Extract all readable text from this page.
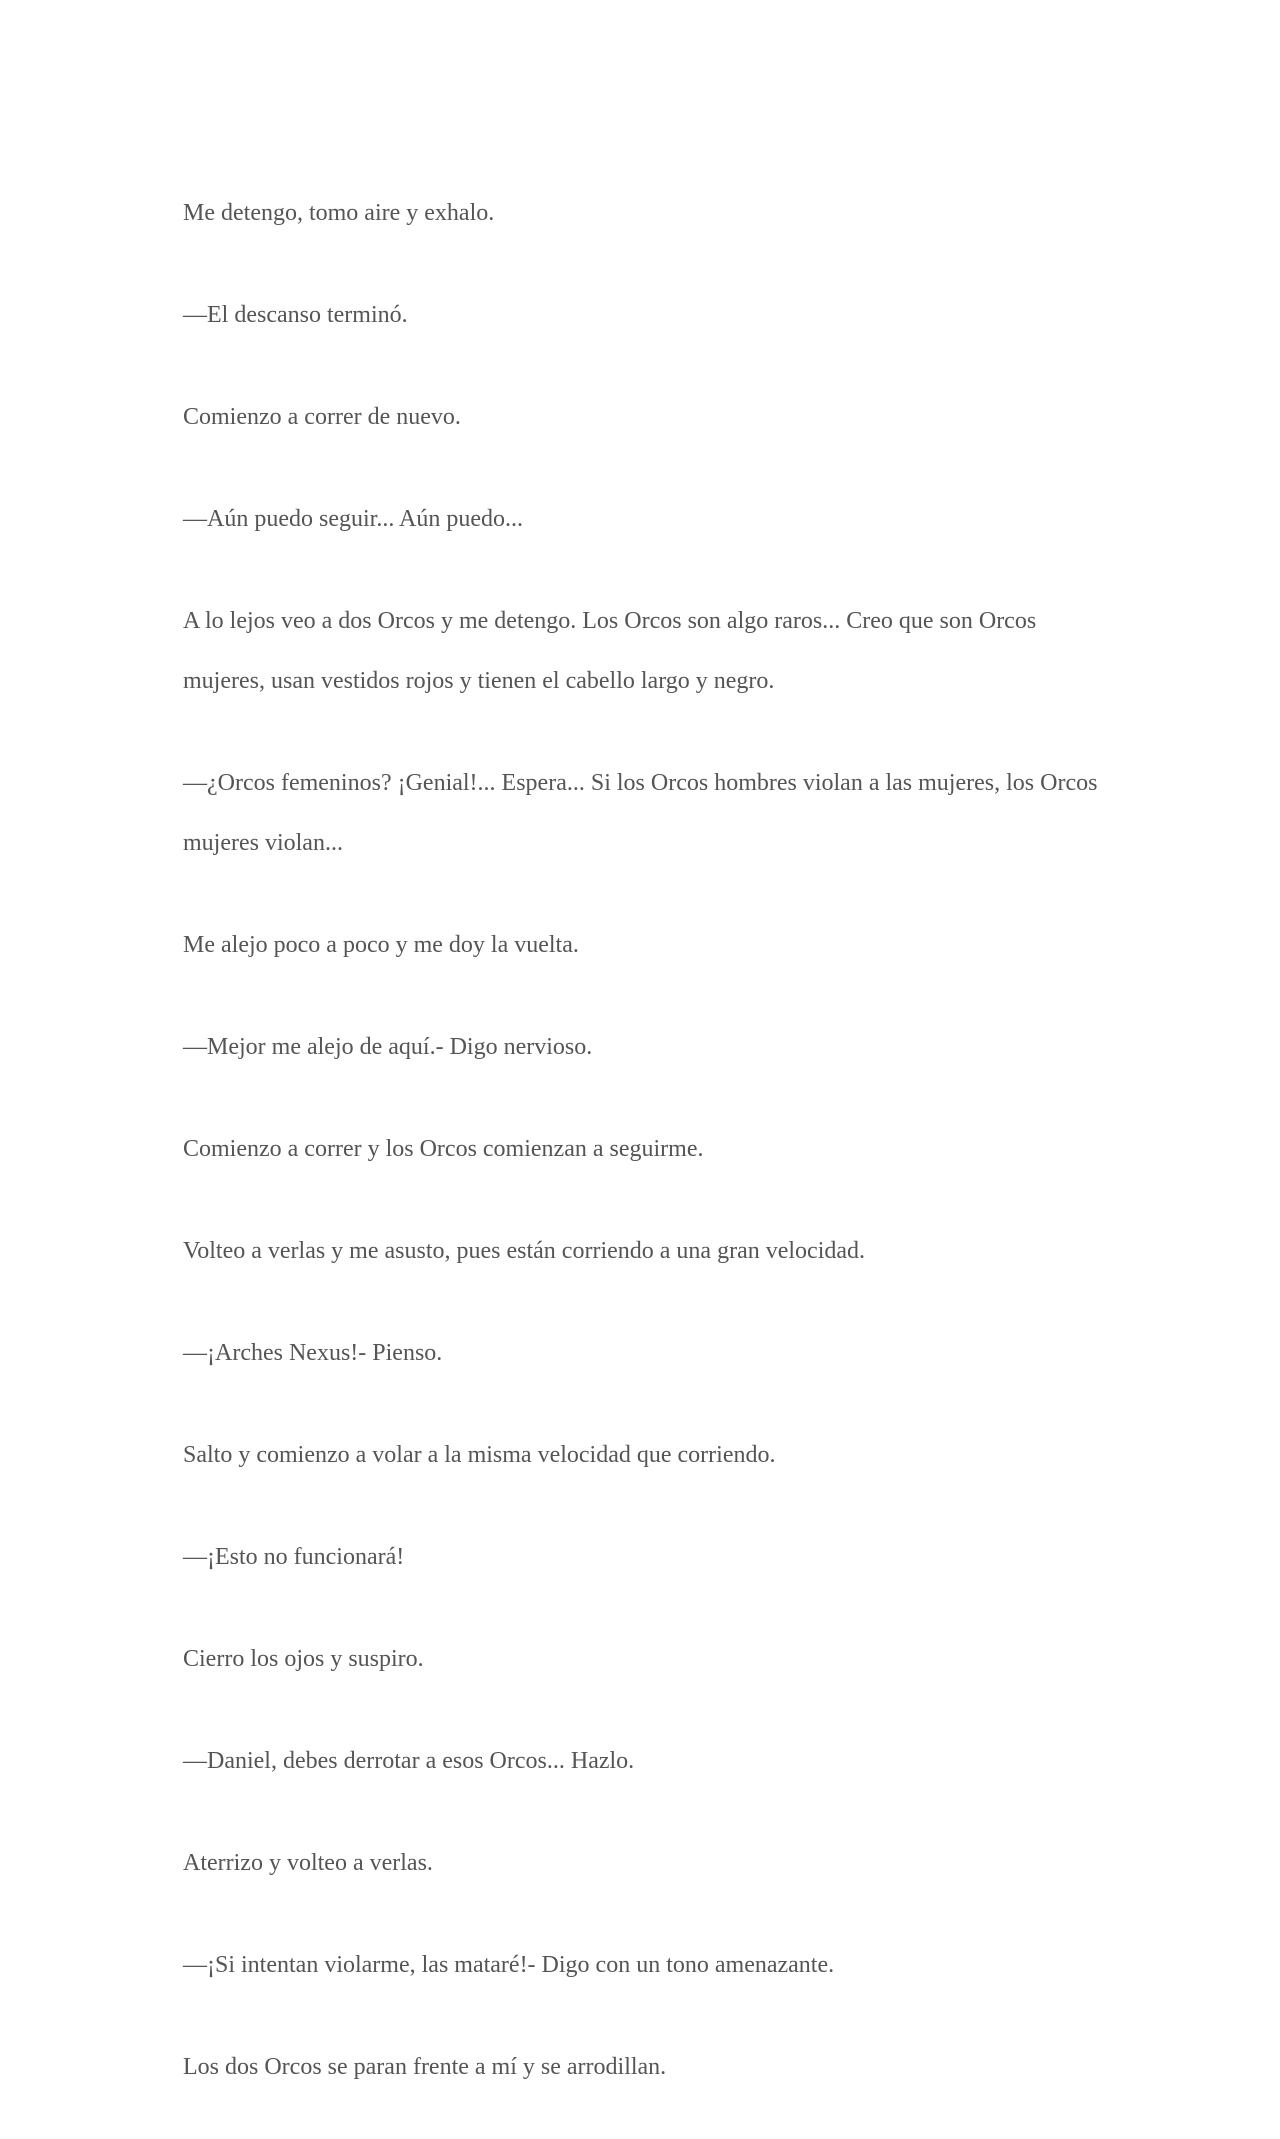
Me detengo, tomo aire y exhalo.

—El descanso terminó.

Comienzo a correr de nuevo.

—Aún puedo seguir... Aún puedo...

A lo lejos veo a dos Orcos y me detengo. Los Orcos son algo raros... Creo que son Orcos mujeres, usan vestidos rojos y tienen el cabello largo y negro.

—¿Orcos femeninos? ¡Genial!... Espera... Si los Orcos hombres violan a las mujeres, los Orcos mujeres violan...

Me alejo poco a poco y me doy la vuelta.

—Mejor me alejo de aquí.- Digo nervioso.

Comienzo a correr y los Orcos comienzan a seguirme.

Volteo a verlas y me asusto, pues están corriendo a una gran velocidad.

—¡Arches Nexus!- Pienso.

Salto y comienzo a volar a la misma velocidad que corriendo.

—¡Esto no funcionará!

Cierro los ojos y suspiro.

—Daniel, debes derrotar a esos Orcos... Hazlo.

Aterrizo y volteo a verlas.

—¡Si intentan violarme, las mataré!- Digo con un tono amenazante.

Los dos Orcos se paran frente a mí y se arrodillan.
